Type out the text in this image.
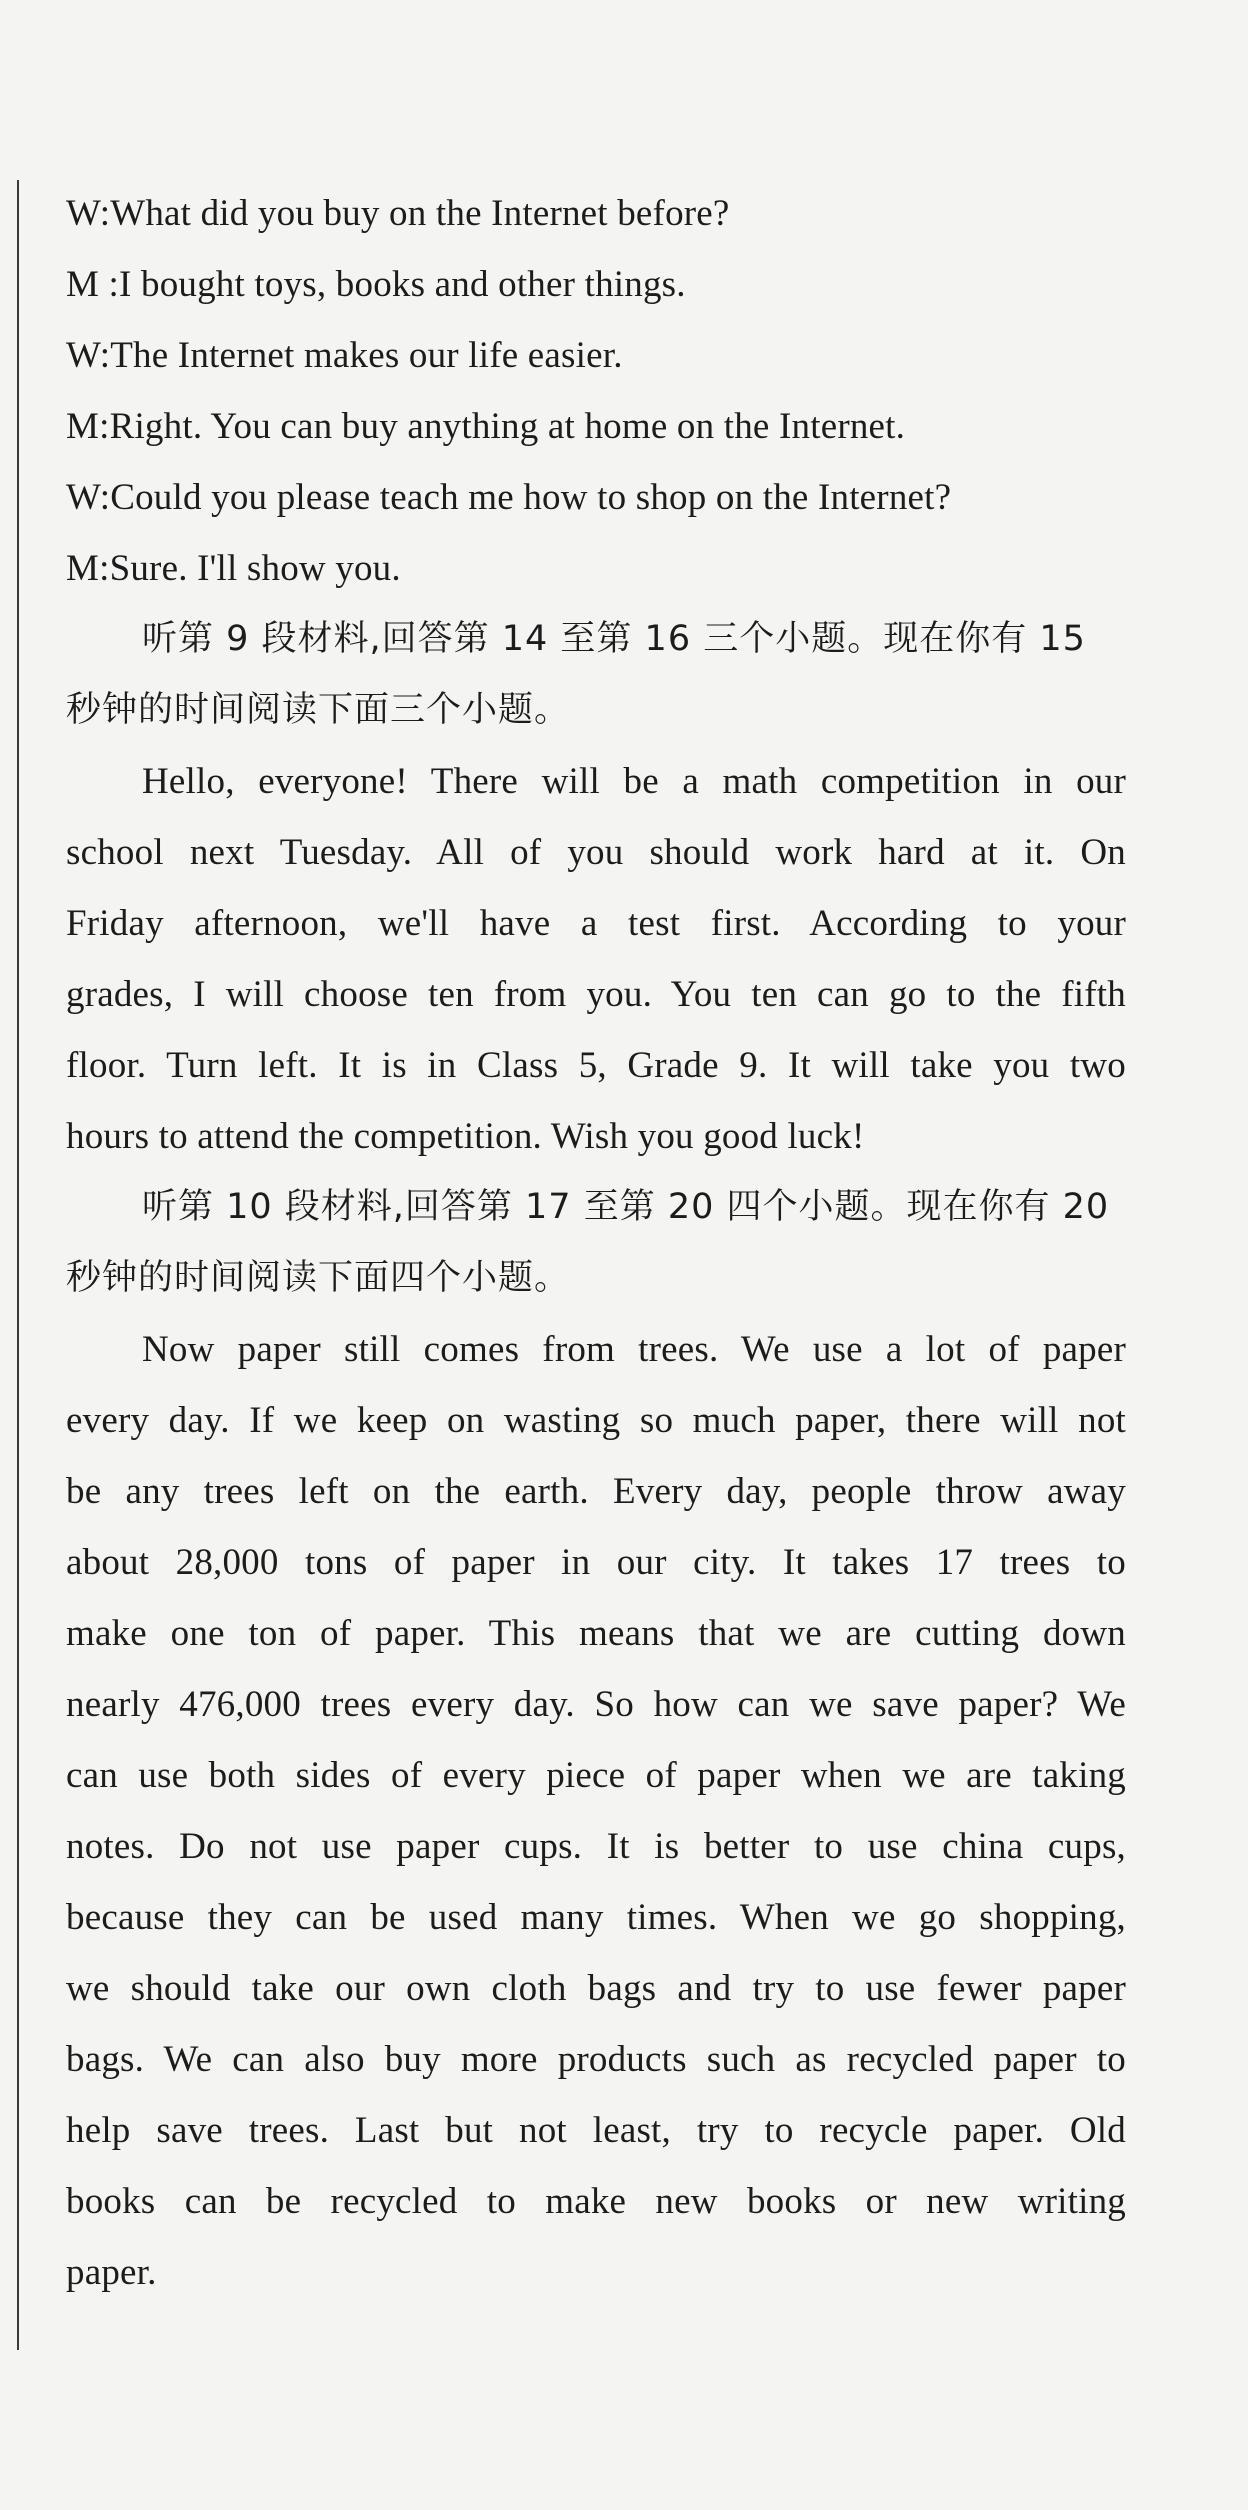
W:What did you buy on the Internet before?
M :I bought toys, books and other things.
W:The Internet makes our life easier.
M:Right. You can buy anything at home on the Internet.
W:Could you please teach me how to shop on the Internet?
M:Sure. I'll show you.
听第 9 段材料,回答第 14 至第 16 三个小题。现在你有 15
秒钟的时间阅读下面三个小题。
Hello, everyone! There will be a math competition in our
school next Tuesday. All of you should work hard at it. On
Friday afternoon, we'll have a test first. According to your
grades, I will choose ten from you. You ten can go to the fifth
floor. Turn left. It is in Class 5, Grade 9. It will take you two
hours to attend the competition. Wish you good luck!
听第 10 段材料,回答第 17 至第 20 四个小题。现在你有 20
秒钟的时间阅读下面四个小题。
Now paper still comes from trees. We use a lot of paper
every day. If we keep on wasting so much paper, there will not
be any trees left on the earth. Every day, people throw away
about 28,000 tons of paper in our city. It takes 17 trees to
make one ton of paper. This means that we are cutting down
nearly 476,000 trees every day. So how can we save paper? We
can use both sides of every piece of paper when we are taking
notes. Do not use paper cups. It is better to use china cups,
because they can be used many times. When we go shopping,
we should take our own cloth bags and try to use fewer paper
bags. We can also buy more products such as recycled paper to
help save trees. Last but not least, try to recycle paper. Old
books can be recycled to make new books or new writing
paper.
